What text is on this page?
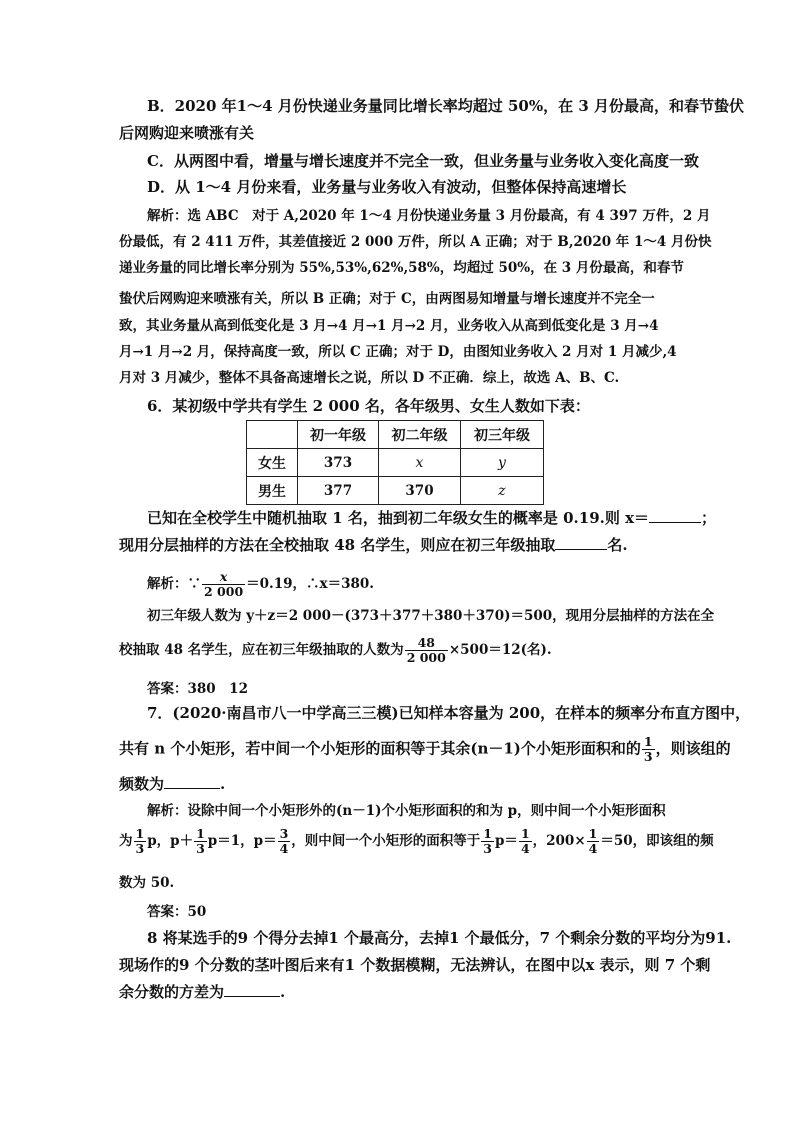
B．2020 年1～4 月份快递业务量同比增长率均超过 50%，在 3 月份最高，和春节蛰伏
后网购迎来喷涨有关
C．从两图中看，增量与增长速度并不完全一致，但业务量与业务收入变化高度一致
D．从 1～4 月份来看，业务量与业务收入有波动，但整体保持高速增长
解析：选 ABC　对于 A,2020 年 1～4 月份快递业务量 3 月份最高，有 4 397 万件，2 月
份最低，有 2 411 万件，其差值接近 2 000 万件，所以 A 正确；对于 B,2020 年 1～4 月份快
递业务量的同比增长率分别为 55%,53%,62%,58%，均超过 50%，在 3 月份最高，和春节
蛰伏后网购迎来喷涨有关，所以 B 正确；对于 C，由两图易知增量与增长速度并不完全一
致，其业务量从高到低变化是 3 月→4 月→1 月→2 月，业务收入从高到低变化是 3 月→4
月→1 月→2 月，保持高度一致，所以 C 正确；对于 D，由图知业务收入 2 月对 1 月减少,4
月对 3 月减少，整体不具备高速增长之说，所以 D 不正确．综上，故选 A、B、C.
6．某初级中学共有学生 2 000 名，各年级男、女生人数如下表：
	初一年级	初二年级	初三年级
女生	373	x	y
男生	377	370	z
已知在全校学生中随机抽取 1 名，抽到初二年级女生的概率是 0.19.则 x＝	；
现用分层抽样的方法在全校抽取 48 名学生，则应在初三年级抽取	名.
解析：∵ $\frac{x}{2 000} =0.19$，∴x＝380.
初三年级人数为 y＋z＝2 000－(373＋377＋380＋370)＝500，现用分层抽样的方法在全
校抽取 48 名学生，应在初三年级抽取的人数为 $\frac{48}{2 000} \times 500=12$(名).
答案：380　12
7．(2020·南昌市八一中学高三三模)已知样本容量为 200，在样本的频率分布直方图中，
共有 n 个小矩形，若中间一个小矩形的面积等于其余(n－1)个小矩形面积和的 $\frac{1}{3}$ ，则该组的
频数为	.
解析：设除中间一个小矩形外的(n－1)个小矩形面积的和为 p，则中间一个小矩形面积
为 $\frac{1}{3}$ p，$p+ \frac{1}{3} p=1$，$p= \frac{3}{4}$ ，则中间一个小矩形的面积等于 $\frac{1}{3} p= \frac{1}{4}$ ，$200\times \frac{1}{4} =50$，即该组的频
数为 50.
答案：50
8 将某选手的9 个得分去掉1 个最高分，去掉1 个最低分，7 个剩余分数的平均分为91.
现场作的9 个分数的茎叶图后来有1 个数据模糊，无法辨认，在图中以x 表示，则 7 个剩
余分数的方差为	.
